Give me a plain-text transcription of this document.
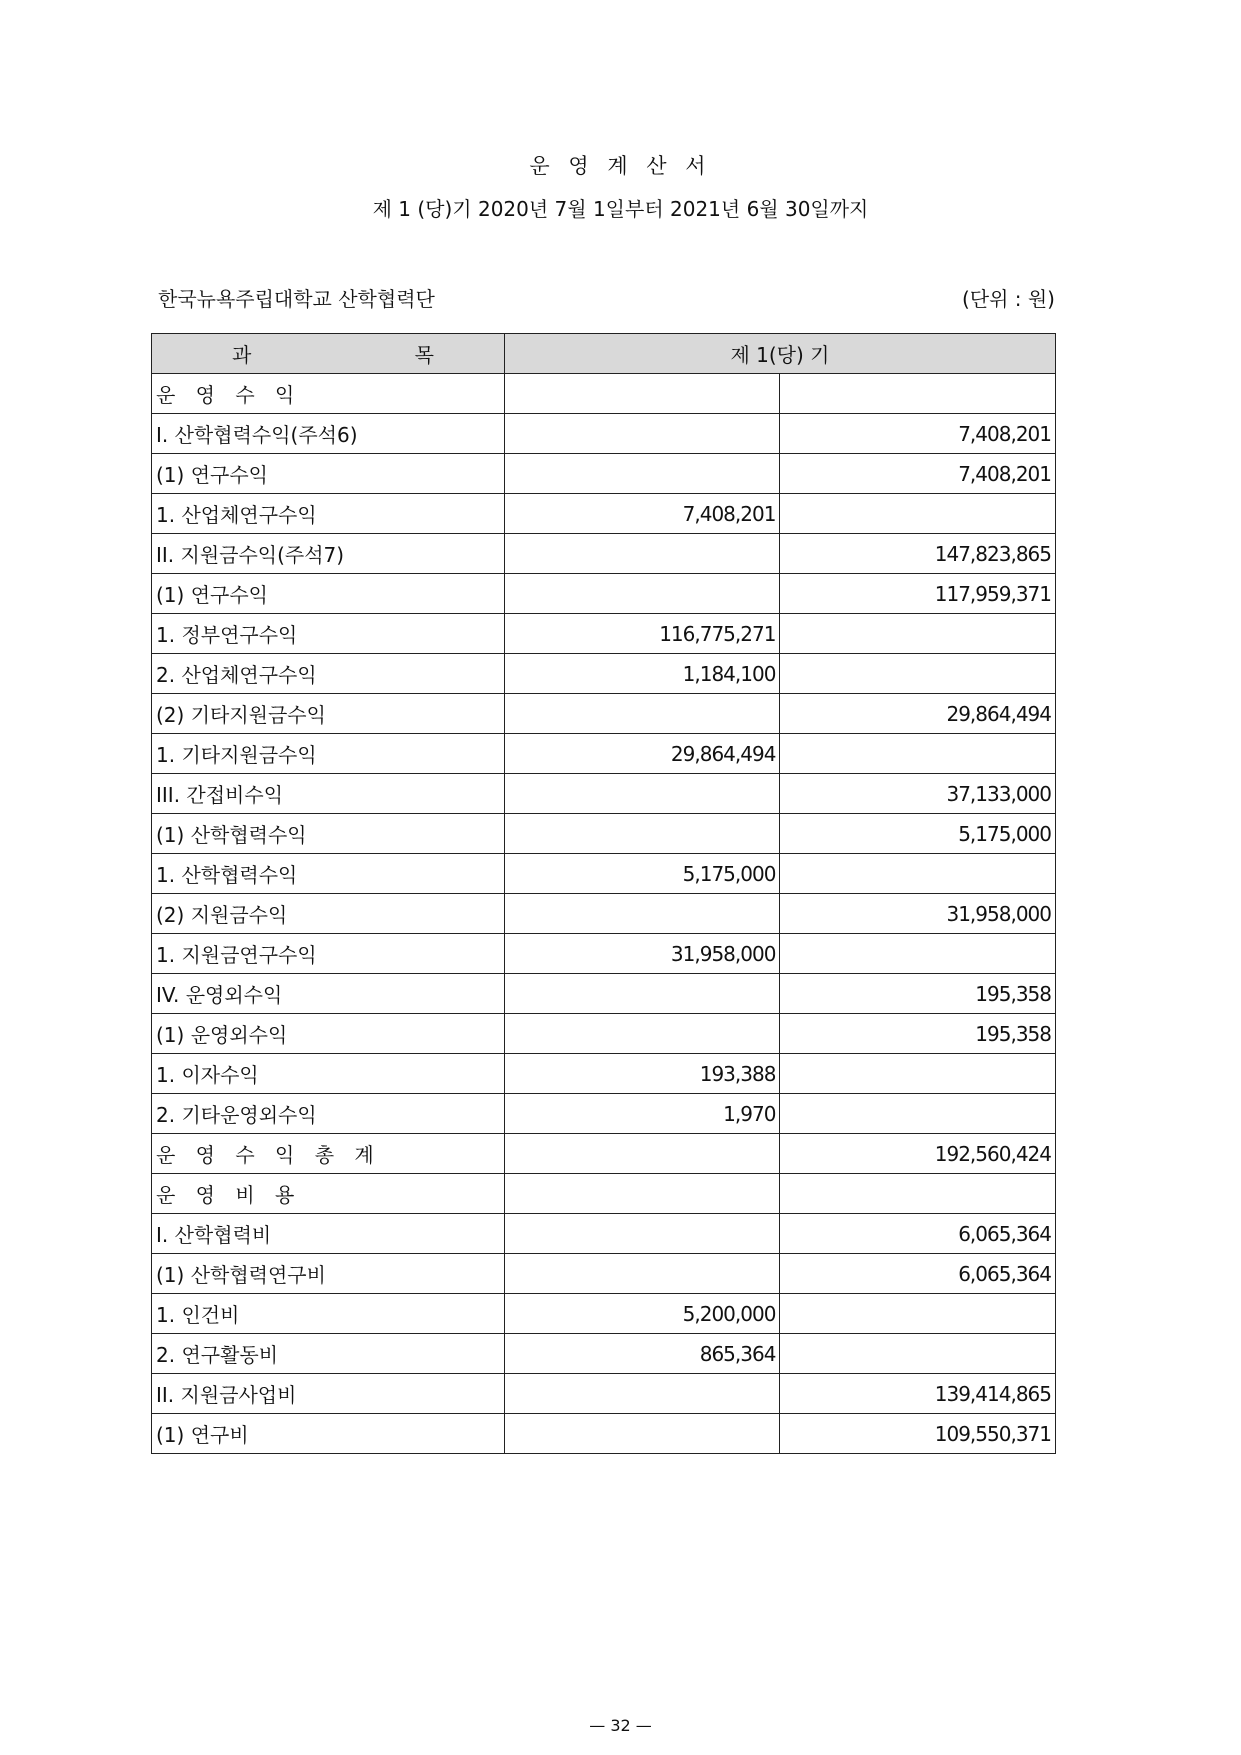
운 영 계 산 서
제 1 (당)기 2020년 7월 1일부터 2021년 6월 30일까지
한국뉴욕주립대학교 산학협력단	(단위 : 원)
과 목	제 1(당) 기	
운 영 수 익		
I. 산학협력수익(주석6)		7,408,201
(1) 연구수익		7,408,201
1. 산업체연구수익	7,408,201	
II. 지원금수익(주석7)		147,823,865
(1) 연구수익		117,959,371
1. 정부연구수익	116,775,271	
2. 산업체연구수익	1,184,100	
(2) 기타지원금수익		29,864,494
1. 기타지원금수익	29,864,494	
III. 간접비수익		37,133,000
(1) 산학협력수익		5,175,000
1. 산학협력수익	5,175,000	
(2) 지원금수익		31,958,000
1. 지원금연구수익	31,958,000	
IV. 운영외수익		195,358
(1) 운영외수익		195,358
1. 이자수익	193,388	
2. 기타운영외수익	1,970	
운 영 수 익 총 계		192,560,424
운 영 비 용		
I. 산학협력비		6,065,364
(1) 산학협력연구비		6,065,364
1. 인건비	5,200,000	
2. 연구활동비	865,364	
II. 지원금사업비		139,414,865
(1) 연구비		109,550,371
— 32 —
